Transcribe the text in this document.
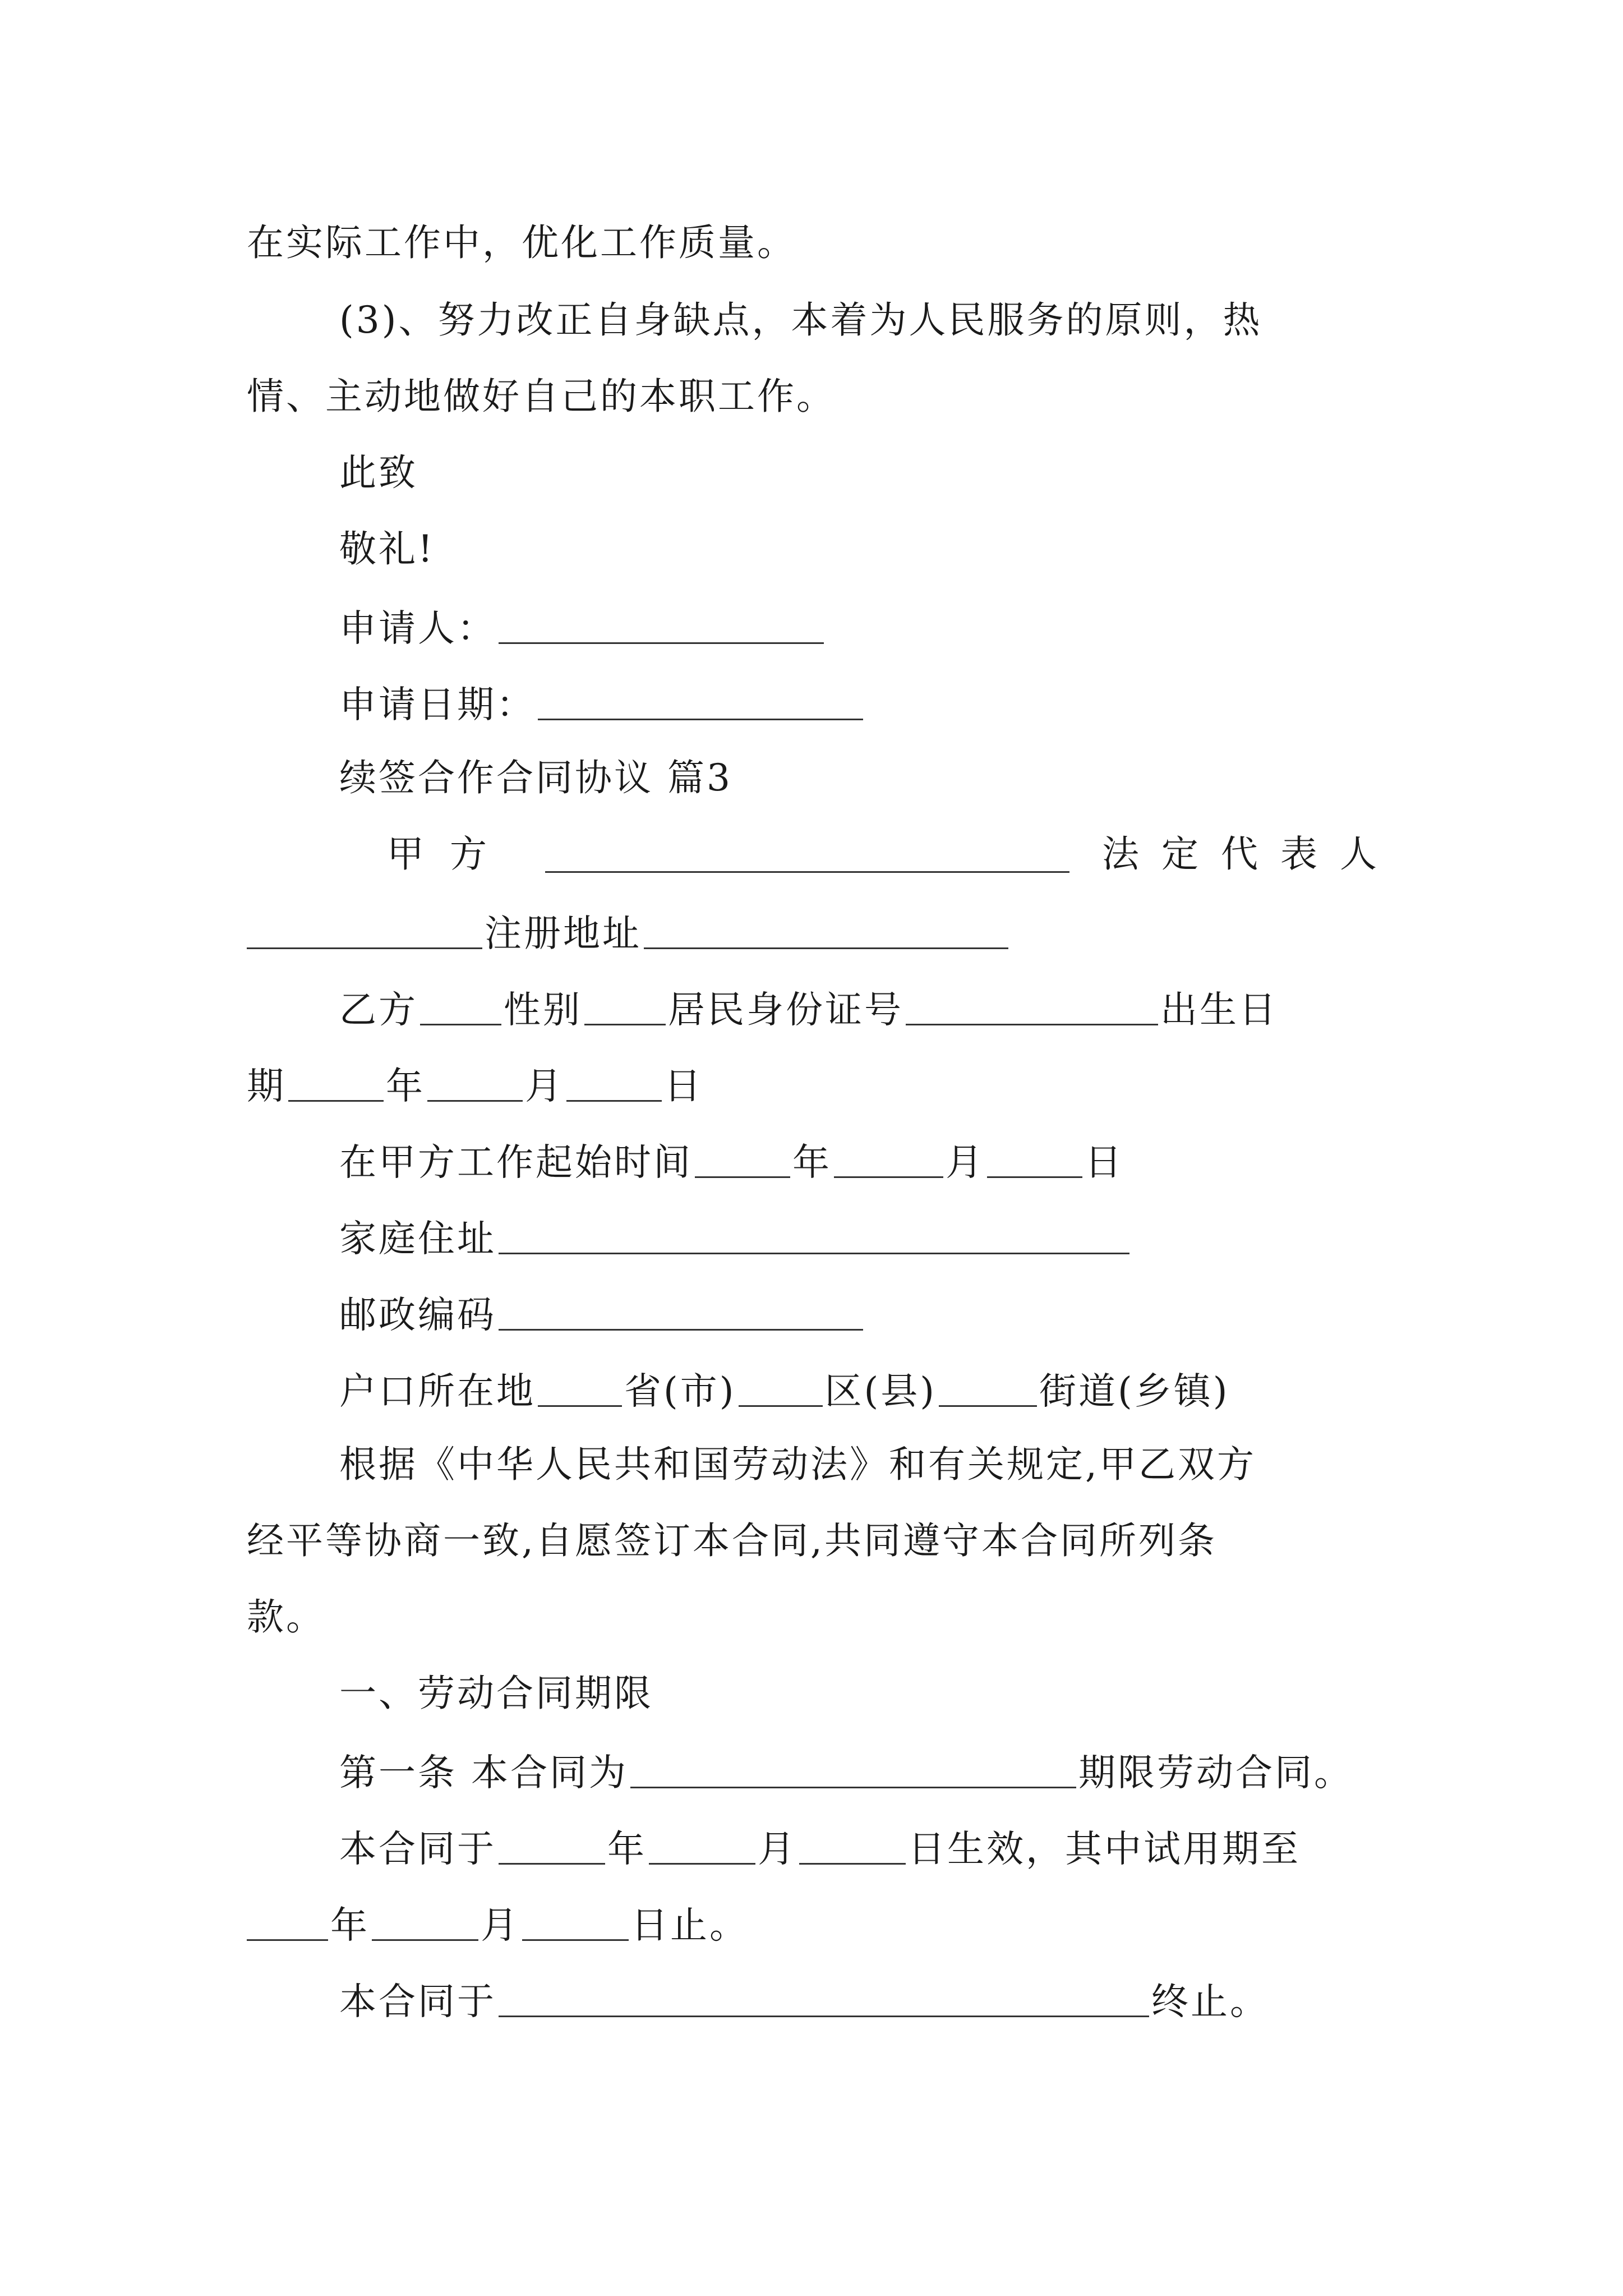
在实际工作中，优化工作质量。
(3)、努力改正自身缺点，本着为人民服务的原则，热
情、主动地做好自己的本职工作。
此致
敬礼!
申请人：
申请日期：
续签合作合同协议 篇3
甲方	法定代表人
注册地址
乙方 性别 居民身份证号	出生日
期	年	月	日
在甲方工作起始时间	年	月	日
家庭住址
邮政编码
户口所在地 省(市) 区(县)	街道(乡镇)
根据《中华人民共和国劳动法》和有关规定,甲乙双方
经平等协商一致,自愿签订本合同,共同遵守本合同所列条
款。
一、劳动合同期限
第一条 本合同为	期限劳动合同。
本合同于	年	月	日生效，其中试用期至
年	月	日止。
本合同于	终止。
